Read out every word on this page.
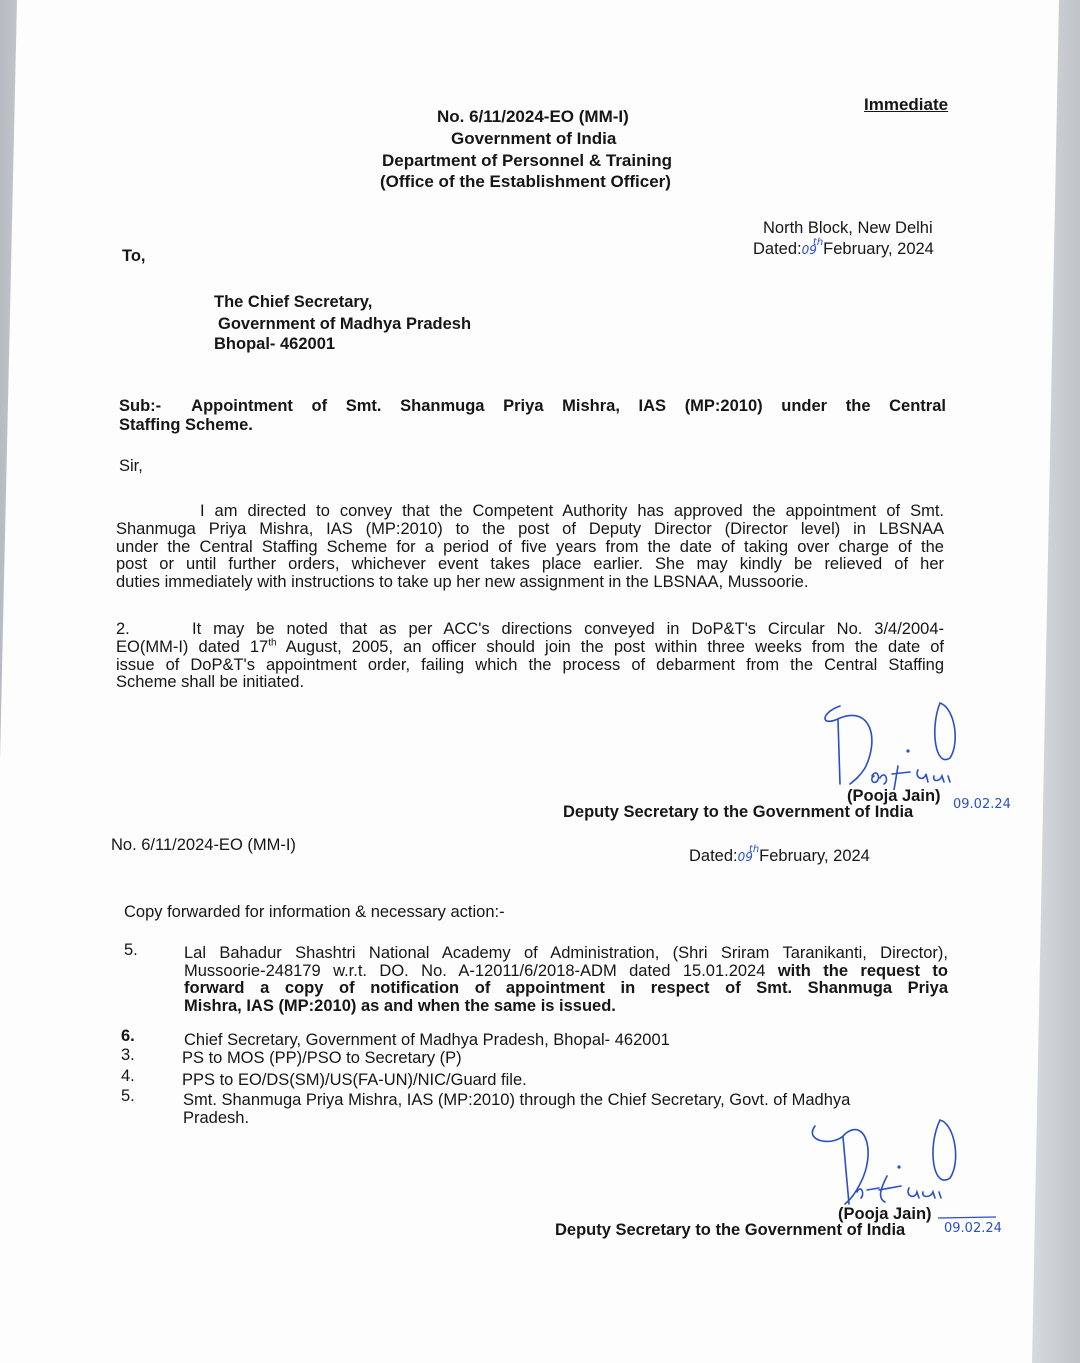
Immediate
No. 6/11/2024-EO (MM-I)
Government of India
Department of Personnel & Training
(Office of the Establishment Officer)
North Block, New Delhi
Dated:09thFebruary, 2024
To,
The Chief Secretary,
Government of Madhya Pradesh
Bhopal- 462001
Sub:- Appointment of Smt. Shanmuga Priya Mishra, IAS (MP:2010) under the Central
Staffing Scheme.
Sir,
I am directed to convey that the Competent Authority has approved the appointment of Smt.
Shanmuga Priya Mishra, IAS (MP:2010) to the post of Deputy Director (Director level) in LBSNAA
under the Central Staffing Scheme for a period of five years from the date of taking over charge of the
post or until further orders, whichever event takes place earlier. She may kindly be relieved of her
duties immediately with instructions to take up her new assignment in the LBSNAA, Mussoorie.
2.	It may be noted that as per ACC's directions conveyed in DoP&T's Circular No. 3/4/2004-
EO(MM-I) dated 17th August, 2005, an officer should join the post within three weeks from the date of
issue of DoP&T's appointment order, failing which the process of debarment from the Central Staffing
Scheme shall be initiated.
(Pooja Jain)
Deputy Secretary to the Government of India	09.02.24
No. 6/11/2024-EO (MM-I)
Dated:09thFebruary, 2024
Copy forwarded for information & necessary action:-
5.	Lal Bahadur Shashtri National Academy of Administration, (Shri Sriram Taranikanti, Director),
Mussoorie-248179 w.r.t. DO. No. A-12011/6/2018-ADM dated 15.01.2024 with the request to
forward a copy of notification of appointment in respect of Smt. Shanmuga Priya
Mishra, IAS (MP:2010) as and when the same is issued.
6.	Chief Secretary, Government of Madhya Pradesh, Bhopal- 462001
3.	PS to MOS (PP)/PSO to Secretary (P)
4.	PPS to EO/DS(SM)/US(FA-UN)/NIC/Guard file.
5.	Smt. Shanmuga Priya Mishra, IAS (MP:2010) through the Chief Secretary, Govt. of Madhya
Pradesh.
(Pooja Jain)
Deputy Secretary to the Government of India	09.02.24
